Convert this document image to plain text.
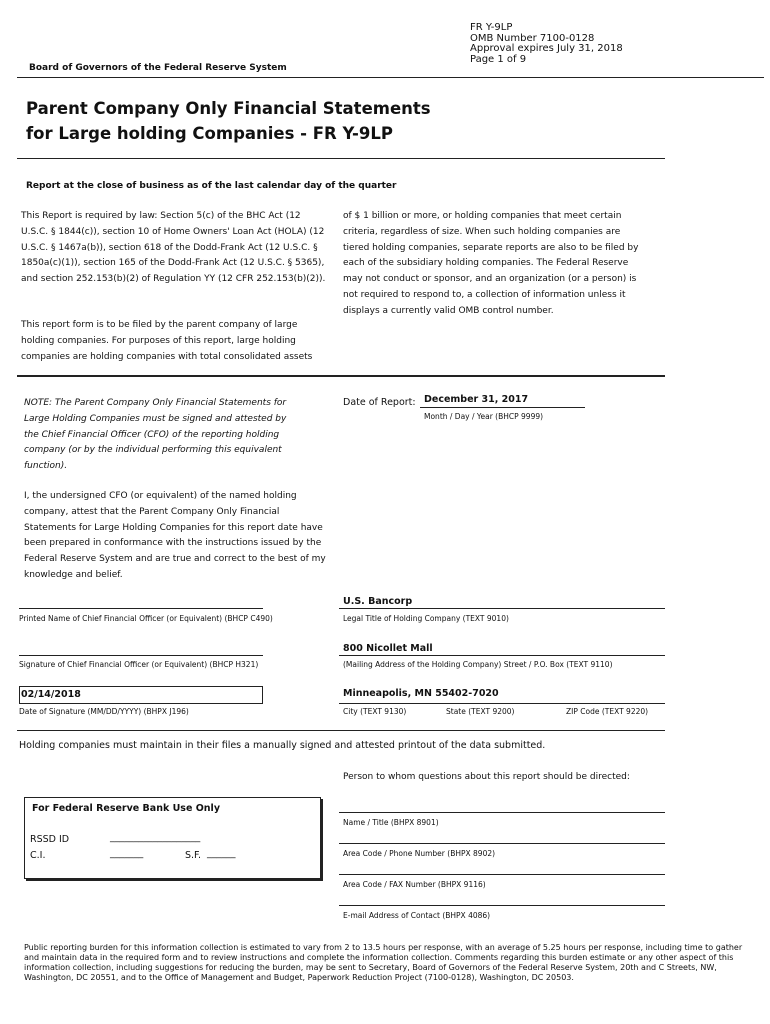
FR Y-9LP
OMB Number 7100-0128
Approval expires July 31, 2018
Page 1 of 9
Board of Governors of the Federal Reserve System
Parent Company Only Financial Statements
for Large holding Companies - FR Y-9LP
Report at the close of business as of the last calendar day of the quarter
This Report is required by law: Section 5(c) of the BHC Act (12 U.S.C. § 1844(c)), section 10 of Home Owners' Loan Act (HOLA) (12 U.S.C. § 1467a(b)), section 618 of the Dodd-Frank Act (12 U.S.C. § 1850a(c)(1)), section 165 of the Dodd-Frank Act (12 U.S.C. § 5365), and section 252.153(b)(2) of Regulation YY (12 CFR 252.153(b)(2)).
This report form is to be filed by the parent company of large holding companies. For purposes of this report, large holding companies are holding companies with total consolidated assets
of $ 1 billion or more, or holding companies that meet certain criteria, regardless of size. When such holding companies are tiered holding companies, separate reports are also to be filed by each of the subsidiary holding companies. The Federal Reserve may not conduct or sponsor, and an organization (or a person) is not required to respond to, a collection of information unless it displays a currently valid OMB control number.
NOTE: The Parent Company Only Financial Statements for Large Holding Companies must be signed and attested by the Chief Financial Officer (CFO) of the reporting holding company (or by the individual performing this equivalent function).
I, the undersigned CFO (or equivalent) of the named holding company, attest that the Parent Company Only Financial Statements for Large Holding Companies for this report date have been prepared in conformance with the instructions issued by the Federal Reserve System and are true and correct to the best of my knowledge and belief.
Date of Report: December 31, 2017
Month / Day / Year (BHCP 9999)
Printed Name of Chief Financial Officer (or Equivalent) (BHCP C490)
Signature of Chief Financial Officer (or Equivalent) (BHCP H321)
02/14/2018
Date of Signature (MM/DD/YYYY) (BHPX J196)
U.S. Bancorp
Legal Title of Holding Company (TEXT 9010)
800 Nicollet Mall
(Mailing Address of the Holding Company) Street / P.O. Box (TEXT 9110)
Minneapolis, MN 55402-7020
City (TEXT 9130)	State (TEXT 9200)	ZIP Code (TEXT 9220)
Holding companies must maintain in their files a manually signed and attested printout of the data submitted.
Person to whom questions about this report should be directed:
Name / Title (BHPX 8901)
Area Code / Phone Number (BHPX 8902)
Area Code / FAX Number (BHPX 9116)
E-mail Address of Contact (BHPX 4086)
For Federal Reserve Bank Use Only
RSSD ID	___________________
C.I.	_______	S.F. ______
Public reporting burden for this information collection is estimated to vary from 2 to 13.5 hours per response, with an average of 5.25 hours per response, including time to gather and maintain data in the required form and to review instructions and complete the information collection. Comments regarding this burden estimate or any other aspect of this information collection, including suggestions for reducing the burden, may be sent to Secretary, Board of Governors of the Federal Reserve System, 20th and C Streets, NW, Washington, DC 20551, and to the Office of Management and Budget, Paperwork Reduction Project (7100-0128), Washington, DC 20503.
